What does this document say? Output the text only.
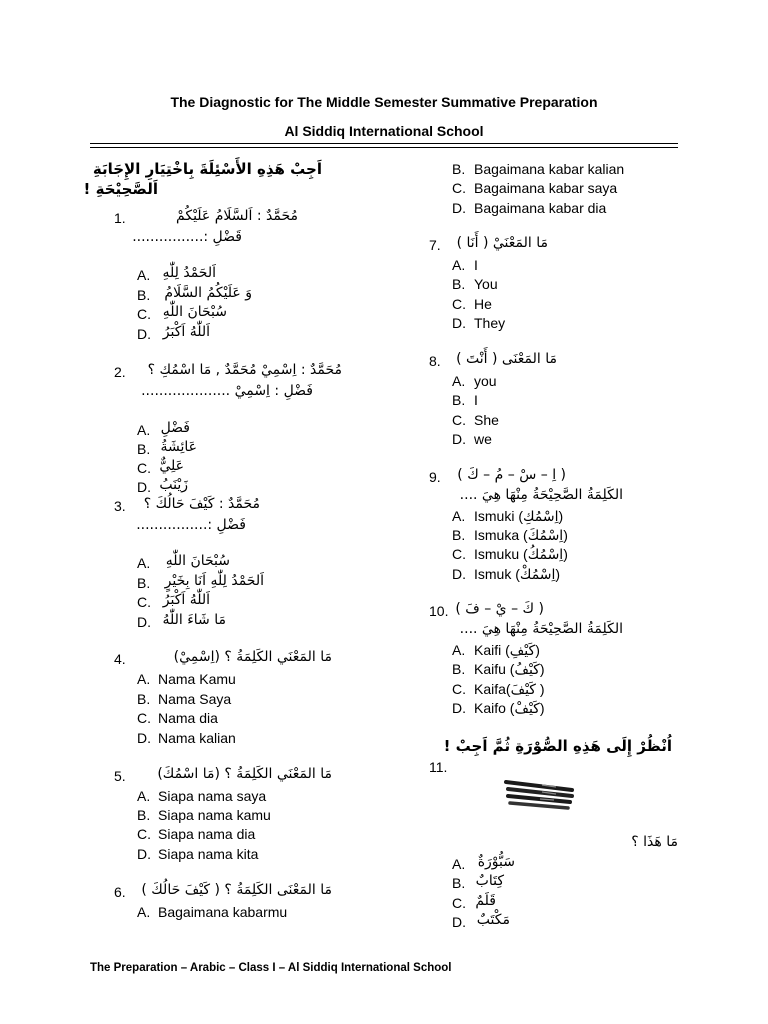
The Diagnostic for The Middle Semester Summative Preparation
Al Siddiq International School
اَجِبْ هَذِهِ الأَسْئِلَةَ بِاخْتِيَارِ الإِجَابَةِ
اَلصَّحِيْحَةِ !
1.	مُحَمَّدٌ : اَلسَّلَامُ عَلَيْكُمْ
قَضْلِ :................
A. اَلحَمْدُ لِلّٰهِ
B. وَ عَلَيْكُمُ السَّلَامُ
C. سُبْحَانَ اللّٰهِ
D. اَللّٰهُ اَكْبَرُ
2. مُحَمَّدٌ : اِسْمِيْ مُحَمَّدٌ , مَا اسْمُكِ ؟
فَضْلِ : اِسْمِيْ ....................
A. فَضْلِ
B. عَائِشَةُ
C. عَلِيٌّ
D. زَيْنَبُ
3. مُحَمَّدٌ : كَيْفَ حَالُكَ ؟
فَضْلِ :................
A. سُبْحَانَ اللّٰهِ
B. اَلحَمْدُ لِلّٰهِ اَنَا بِخَيْرٍ
C. اَللّٰهُ اَكْبَرُ
D. مَا شَاءَ اللّٰهُ
4.	مَا المَعْنَي الكَلِمَةُ ؟ (اِسْمِيْ)
A. Nama Kamu
B. Nama Saya
C. Nama dia
D. Nama kalian
5. مَا المَعْنَي الكَلِمَةُ ؟ (مَا اسْمُكَ)
A. Siapa nama saya
B. Siapa nama kamu
C. Siapa nama dia
D. Siapa nama kita
6. مَا المَعْنَى الكَلِمَةُ ؟ ( كَيْفَ حَالُكَ )
A. Bagaimana kabarmu
B. Bagaimana kabar kalian
C. Bagaimana kabar saya
D. Bagaimana kabar dia
7. مَا المَعْنَيْ ( أَنَا )
A. I
B. You
C. He
D. They
8. مَا المَعْنَى ( أَنْتَ )
A. you
B. I
C. She
D. we
9. ( اِ – سْ – مُ – كَ )
الكَلِمَةُ الصَّحِيْحَةُ مِنْهَا هِيَ ....
A. Ismuki (اِسْمُكِ)
B. Ismuka (اِسْمُكَ)
C. Ismuku (اِسْمُكُ)
D. Ismuk (اِسْمُكْ)
10. ( كَ – يْ – فَ )
الكَلِمَةُ الصَّحِيْحَةُ مِنْهَا هِيَ ....
A. Kaifi (كَيْفِ)
B. Kaifu (كَيْفُ)
C. Kaifa(كَيْفَ )
D. Kaifo (كَيْفْ)
اُنْظُرْ إِلَى هَذِهِ الصُّوْرَةِ ثُمَّ اَجِبْ !
11.
مَا هَذَا ؟
A. سَبُّوْرَةٌ
B. كِتَابٌ
C. قَلَمٌ
D. مَكْتَبٌ
The Preparation – Arabic – Class I – Al Siddiq International School
